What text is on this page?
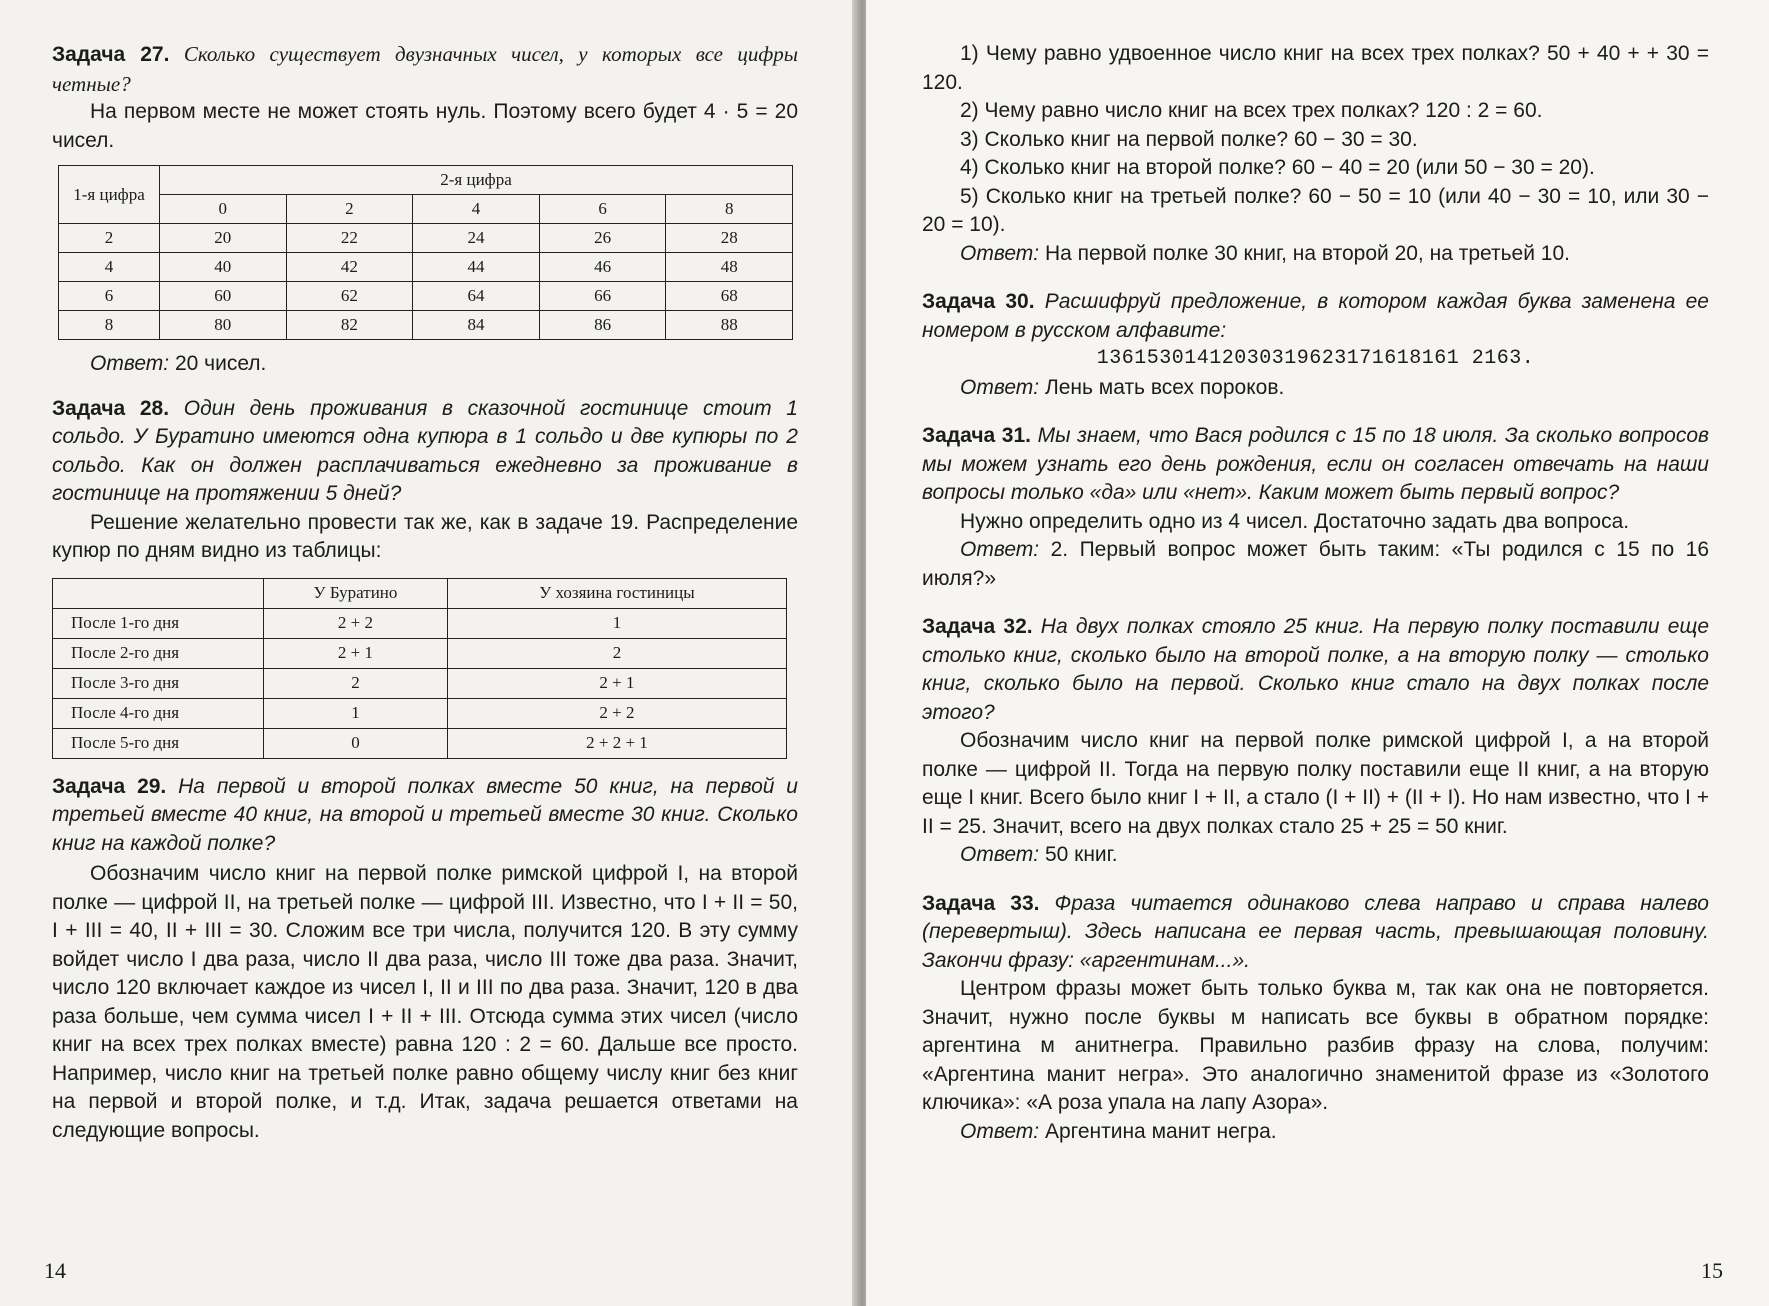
Задача 27. Сколько существует двузначных чисел, у которых все цифры четные?

На первом месте не может стоять нуль. Поэтому всего будет 4 · 5 = 20 чисел.

1-я цифра	2-я цифра				
	0	2	4	6	8
2	20	22	24	26	28
4	40	42	44	46	48
6	60	62	64	66	68
8	80	82	84	86	88

Ответ: 20 чисел.

Задача 28. Один день проживания в сказочной гостинице стоит 1 сольдо. У Буратино имеются одна купюра в 1 сольдо и две купюры по 2 сольдо. Как он должен расплачиваться ежедневно за проживание в гостинице на протяжении 5 дней?

Решение желательно провести так же, как в задаче 19. Распределение купюр по дням видно из таблицы:

	У Буратино	У хозяина гостиницы
После 1-го дня	2 + 2	1
После 2-го дня	2 + 1	2
После 3-го дня	2	2 + 1
После 4-го дня	1	2 + 2
После 5-го дня	0	2 + 2 + 1

Задача 29. На первой и второй полках вместе 50 книг, на первой и третьей вместе 40 книг, на второй и третьей вместе 30 книг. Сколько книг на каждой полке?

Обозначим число книг на первой полке римской цифрой I, на второй полке — цифрой II, на третьей полке — цифрой III. Известно, что I + II = 50, I + III = 40, II + III = 30. Сложим все три числа, получится 120. В эту сумму войдет число I два раза, число II два раза, число III тоже два раза. Значит, число 120 включает каждое из чисел I, II и III по два раза. Значит, 120 в два раза больше, чем сумма чисел I + II + III. Отсюда сумма этих чисел (число книг на всех трех полках вместе) равна 120 : 2 = 60. Дальше все просто. Например, число книг на третьей полке равно общему числу книг без книг на первой и второй полке, и т.д. Итак, задача решается ответами на следующие вопросы.

14

1) Чему равно удвоенное число книг на всех трех полках? 50 + 40 + + 30 = 120.

2) Чему равно число книг на всех трех полках? 120 : 2 = 60.

3) Сколько книг на первой полке? 60 − 30 = 30.

4) Сколько книг на второй полке? 60 − 40 = 20 (или 50 − 30 = 20).

5) Сколько книг на третьей полке? 60 − 50 = 10 (или 40 − 30 = 10, или 30 − 20 = 10).

Ответ: На первой полке 30 книг, на второй 20, на третьей 10.

Задача 30. Расшифруй предложение, в котором каждая буква заменена ее номером в русском алфавите:

13615301412030319623171618161 2163.

Ответ: Лень мать всех пороков.

Задача 31. Мы знаем, что Вася родился с 15 по 18 июля. За сколько вопросов мы можем узнать его день рождения, если он согласен отвечать на наши вопросы только «да» или «нет». Каким может быть первый вопрос?

Нужно определить одно из 4 чисел. Достаточно задать два вопроса.

Ответ: 2. Первый вопрос может быть таким: «Ты родился с 15 по 16 июля?»

Задача 32. На двух полках стояло 25 книг. На первую полку поставили еще столько книг, сколько было на второй полке, а на вторую полку — столько книг, сколько было на первой. Сколько книг стало на двух полках после этого?

Обозначим число книг на первой полке римской цифрой I, а на второй полке — цифрой II. Тогда на первую полку поставили еще II книг, а на вторую еще I книг. Всего было книг I + II, а стало (I + II) + (II + I). Но нам известно, что I + II = 25. Значит, всего на двух полках стало 25 + 25 = 50 книг.

Ответ: 50 книг.

Задача 33. Фраза читается одинаково слева направо и справа налево (перевертыш). Здесь написана ее первая часть, превышающая половину. Закончи фразу: «аргентинам...».

Центром фразы может быть только буква м, так как она не повторяется. Значит, нужно после буквы м написать все буквы в обратном порядке: аргентина м анитнегра. Правильно разбив фразу на слова, получим: «Аргентина манит негра». Это аналогично знаменитой фразе из «Золотого ключика»: «А роза упала на лапу Азора».

Ответ: Аргентина манит негра.

15
